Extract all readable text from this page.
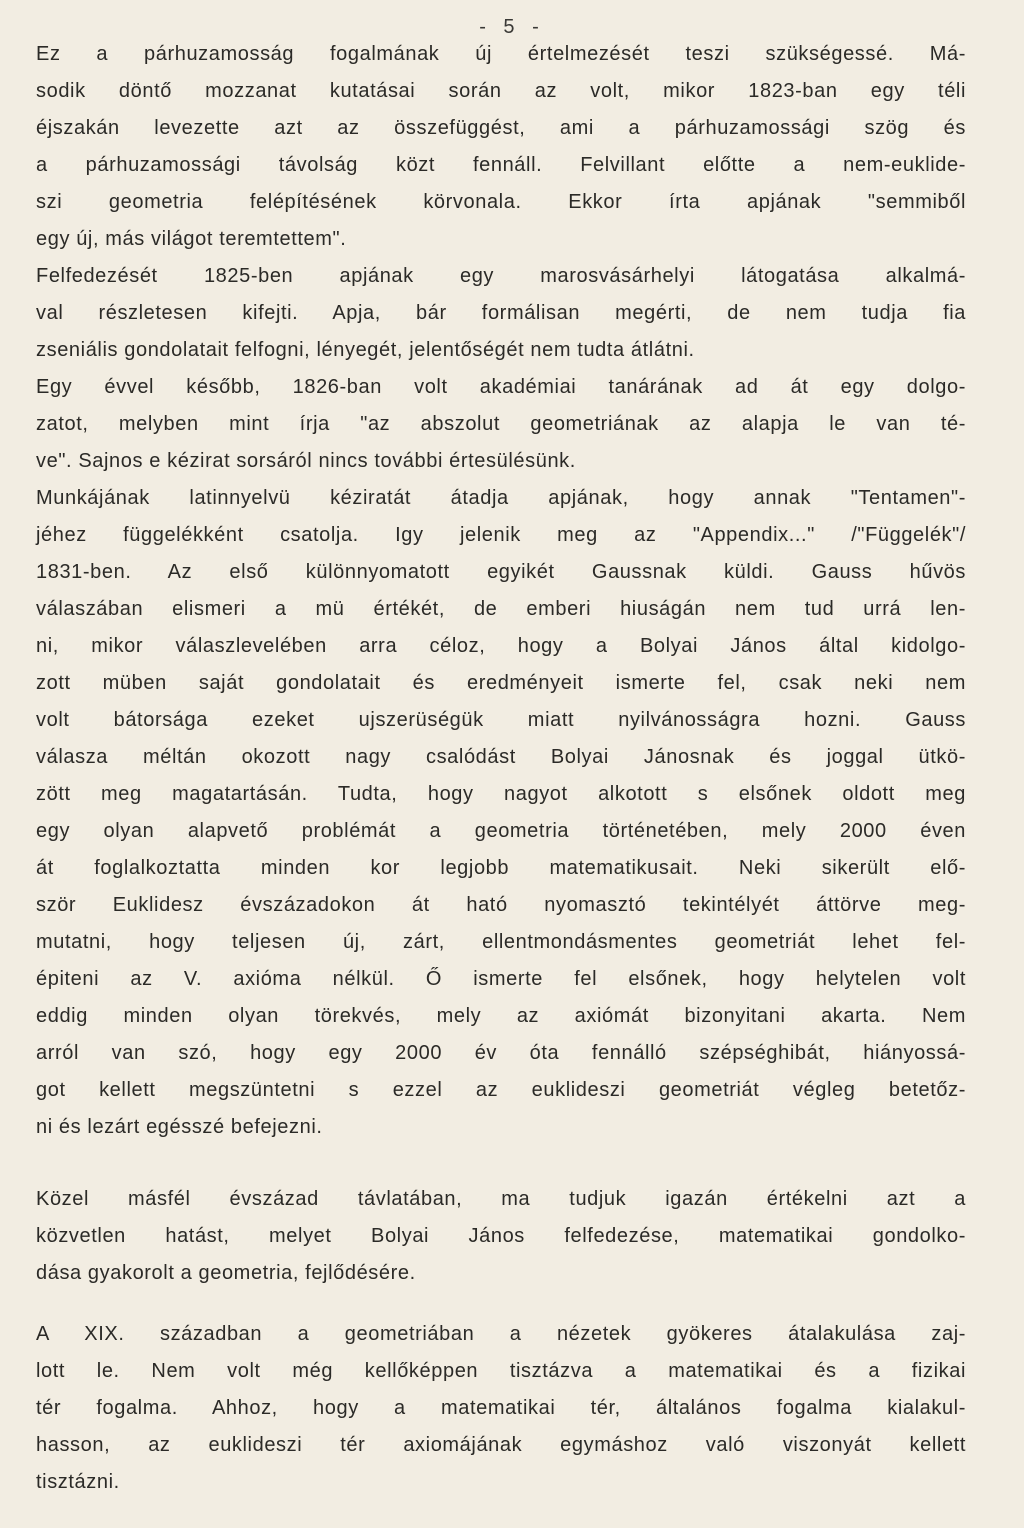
- 5 -
Ez a párhuzamosság fogalmának új értelmezését teszi szükségessé. Má-
sodik döntő mozzanat kutatásai során az volt, mikor 1823-ban egy téli
éjszakán levezette azt az összefüggést, ami a párhuzamossági szög és
a párhuzamossági távolság közt fennáll. Felvillant előtte a nem-euklide-
szi geometria felépítésének körvonala. Ekkor írta apjának "semmiből
egy új, más világot teremtettem".
Felfedezését 1825-ben apjának egy marosvásárhelyi látogatása alkalmá-
val részletesen kifejti. Apja, bár formálisan megérti, de nem tudja fia
zseniális gondolatait felfogni, lényegét, jelentőségét nem tudta átlátni.
Egy évvel később, 1826-ban volt akadémiai tanárának ad át egy dolgo-
zatot, melyben mint írja "az abszolut geometriának az alapja le van té-
ve". Sajnos e kézirat sorsáról nincs további értesülésünk.
Munkájának latinnyelvü kéziratát átadja apjának, hogy annak "Tentamen"-
jéhez függelékként csatolja. Igy jelenik meg az "Appendix..." /"Függelék"/
1831-ben. Az első különnyomatott egyikét Gaussnak küldi. Gauss hűvös
válaszában elismeri a mü értékét, de emberi hiuságán nem tud urrá len-
ni, mikor válaszlevelében arra céloz, hogy a Bolyai János által kidolgo-
zott müben saját gondolatait és eredményeit ismerte fel, csak neki nem
volt bátorsága ezeket ujszerüségük miatt nyilvánosságra hozni. Gauss
válasza méltán okozott nagy csalódást Bolyai Jánosnak és joggal ütkö-
zött meg magatartásán. Tudta, hogy nagyot alkotott s elsőnek oldott meg
egy olyan alapvető problémát a geometria történetében, mely 2000 éven
át foglalkoztatta minden kor legjobb matematikusait. Neki sikerült elő-
ször Euklidesz évszázadokon át ható nyomasztó tekintélyét áttörve meg-
mutatni, hogy teljesen új, zárt, ellentmondásmentes geometriát lehet fel-
épiteni az V. axióma nélkül. Ő ismerte fel elsőnek, hogy helytelen volt
eddig minden olyan törekvés, mely az axiómát bizonyitani akarta. Nem
arról van szó, hogy egy 2000 év óta fennálló szépséghibát, hiányossá-
got kellett megszüntetni s ezzel az euklideszi geometriát végleg betetőz-
ni és lezárt egésszé befejezni.
Közel másfél évszázad távlatában, ma tudjuk igazán értékelni azt a
közvetlen hatást, melyet Bolyai János felfedezése, matematikai gondolko-
dása gyakorolt a geometria, fejlődésére.
A XIX. században a geometriában a nézetek gyökeres átalakulása zaj-
lott le. Nem volt még kellőképpen tisztázva a matematikai és a fizikai
tér fogalma. Ahhoz, hogy a matematikai tér, általános fogalma kialakul-
hasson, az euklideszi tér axiomájának egymáshoz való viszonyát kellett
tisztázni.
